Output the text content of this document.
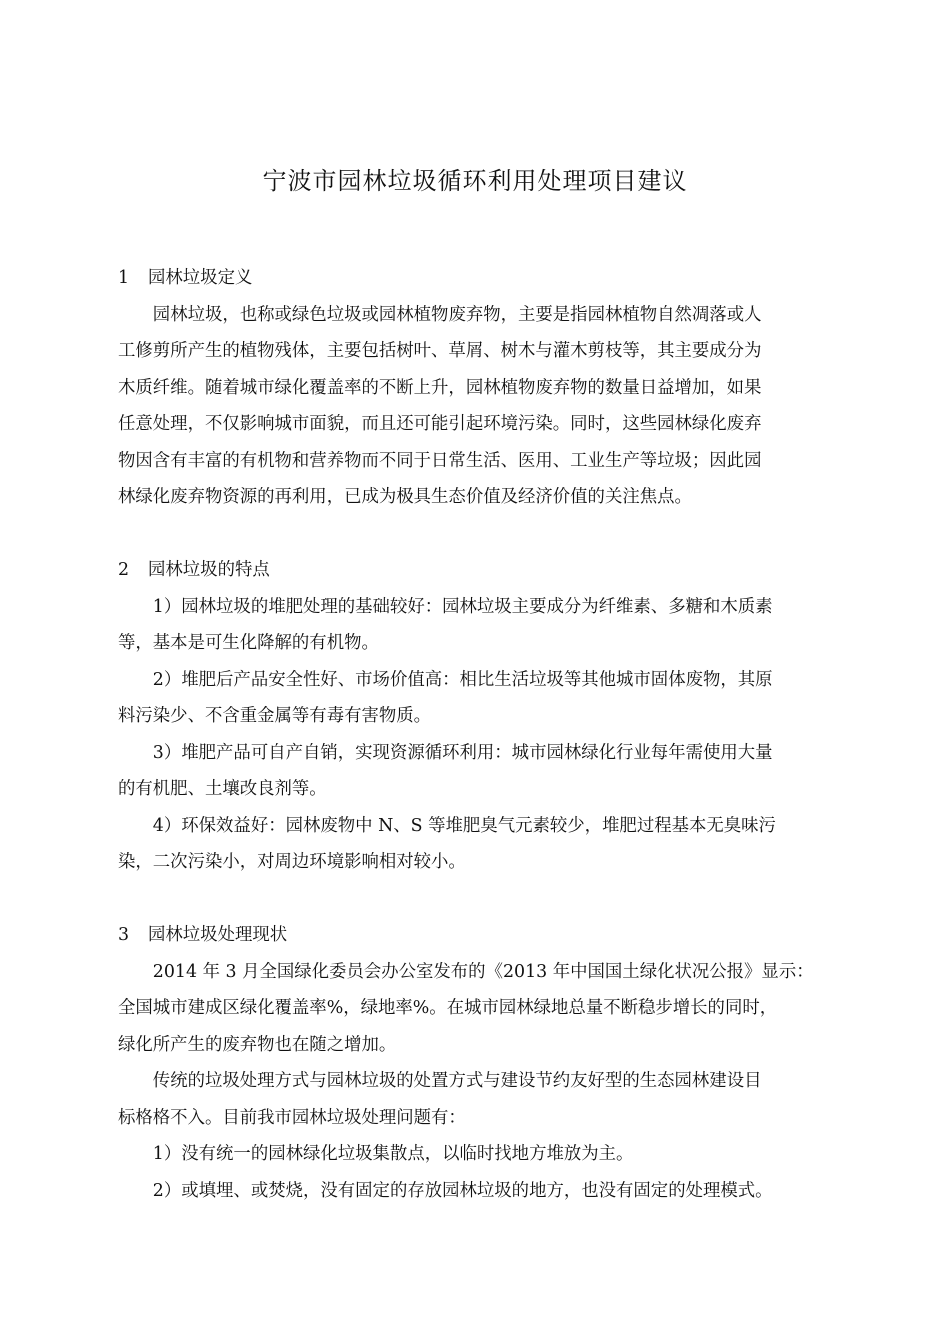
宁波市园林垃圾循环利用处理项目建议
1 园林垃圾定义

园林垃圾，也称或绿色垃圾或园林植物废弃物，主要是指园林植物自然凋落或人
工修剪所产生的植物残体，主要包括树叶、草屑、树木与灌木剪枝等，其主要成分为
木质纤维。随着城市绿化覆盖率的不断上升，园林植物废弃物的数量日益增加，如果
任意处理，不仅影响城市面貌，而且还可能引起环境污染。同时，这些园林绿化废弃
物因含有丰富的有机物和营养物而不同于日常生活、医用、工业生产等垃圾；因此园
林绿化废弃物资源的再利用，已成为极具生态价值及经济价值的关注焦点。

2 园林垃圾的特点

1）园林垃圾的堆肥处理的基础较好：园林垃圾主要成分为纤维素、多糖和木质素
等，基本是可生化降解的有机物。

2）堆肥后产品安全性好、市场价值高：相比生活垃圾等其他城市固体废物，其原
料污染少、不含重金属等有毒有害物质。

3）堆肥产品可自产自销，实现资源循环利用：城市园林绿化行业每年需使用大量
的有机肥、土壤改良剂等。

4）环保效益好：园林废物中 N、S 等堆肥臭气元素较少，堆肥过程基本无臭味污
染，二次污染小，对周边环境影响相对较小。

3 园林垃圾处理现状

2014 年 3 月全国绿化委员会办公室发布的《2013 年中国国土绿化状况公报》显示：
全国城市建成区绿化覆盖率%，绿地率%。在城市园林绿地总量不断稳步增长的同时，
绿化所产生的废弃物也在随之增加。

传统的垃圾处理方式与园林垃圾的处置方式与建设节约友好型的生态园林建设目
标格格不入。目前我市园林垃圾处理问题有：

1）没有统一的园林绿化垃圾集散点，以临时找地方堆放为主。

2）或填埋、或焚烧，没有固定的存放园林垃圾的地方，也没有固定的处理模式。
